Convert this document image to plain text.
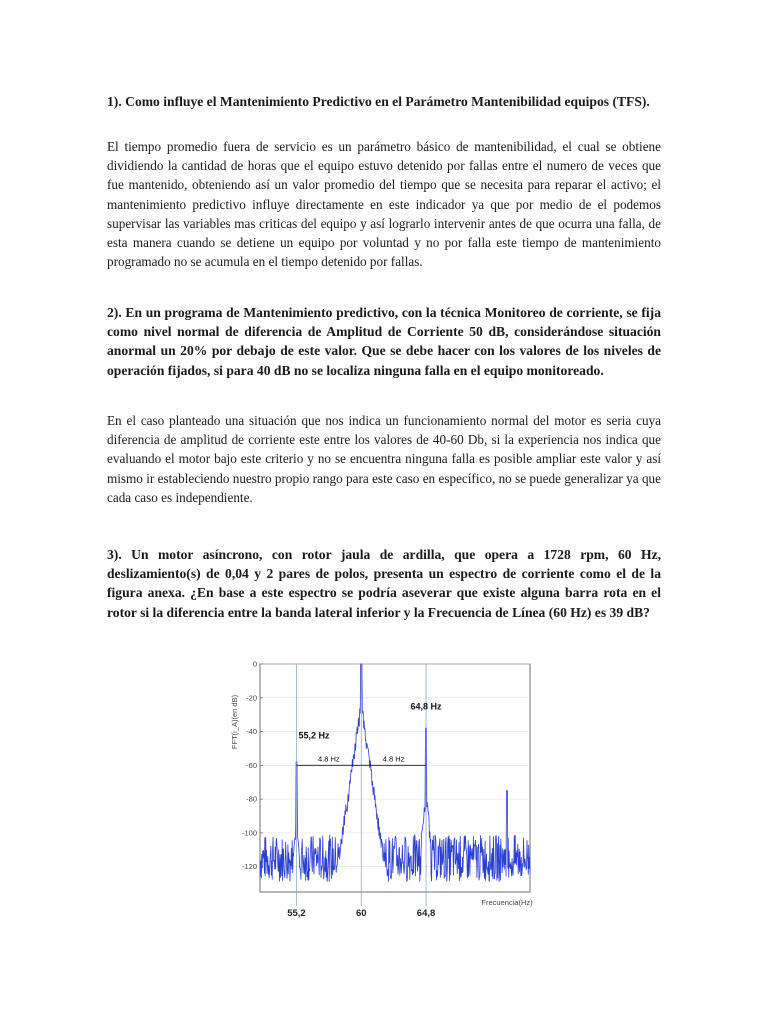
1). Como influye el Mantenimiento Predictivo en el Parámetro Mantenibilidad equipos (TFS).

El tiempo promedio fuera de servicio es un parámetro básico de mantenibilidad, el cual se obtiene dividiendo la cantidad de horas que el equipo estuvo detenido por fallas entre el numero de veces que fue mantenido, obteniendo así un valor promedio del tiempo que se necesita para reparar el activo; el mantenimiento predictivo influye directamente en este indicador ya que por medio de el podemos supervisar las variables mas criticas del equipo y así lograrlo intervenir antes de que ocurra una falla, de esta manera cuando se detiene un equipo por voluntad y no por falla este tiempo de mantenimiento programado no se acumula en el tiempo detenido por fallas.

2). En un programa de Mantenimiento predictivo, con la técnica Monitoreo de corriente, se fija como nivel normal de diferencia de Amplitud de Corriente 50 dB, considerándose situación anormal un 20% por debajo de este valor. Que se debe hacer con los valores de los niveles de operación fijados, si para 40 dB no se localiza ninguna falla en el equipo monitoreado.

En el caso planteado una situación que nos indica un funcionamiento normal del motor es seria cuya diferencia de amplitud de corriente este entre los valores de 40-60 Db, si la experiencia nos indica que evaluando el motor bajo este criterio y no se encuentra ninguna falla es posible ampliar este valor y así mismo ir estableciendo nuestro propio rango para este caso en específico, no se puede generalizar ya que cada caso es independiente.

3). Un motor asíncrono, con rotor jaula de ardilla, que opera a 1728 rpm, 60 Hz, deslizamiento(s) de 0,04 y 2 pares de polos, presenta un espectro de corriente como el de la figura anexa. ¿En base a este espectro se podría aseverar que existe alguna barra rota en el rotor si la diferencia entre la banda lateral inferior y la Frecuencia de Línea (60 Hz) es 39 dB?

0
-20
-40
-60
-80
-100
-120
55,2	60	64,8
FFT(i_A)(en dB)
Frecuencia(Hz)
55,2 Hz
64,8 Hz
4.8 Hz	4.8 Hz
